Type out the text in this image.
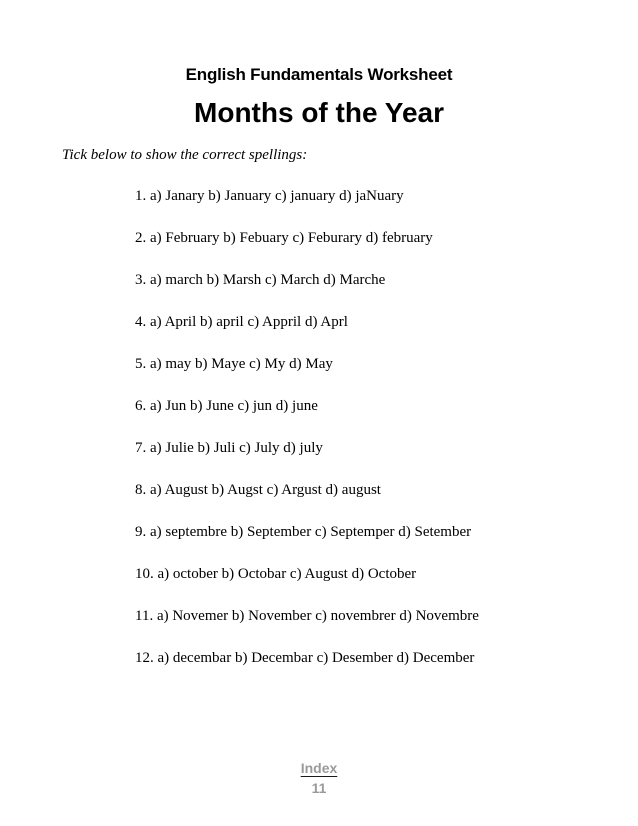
English Fundamentals Worksheet
Months of the Year
Tick below to show the correct spellings:
1. a) Janary b) January c) january d) jaNuary
2. a) February b) Febuary c) Feburary d) february
3. a) march b) Marsh c) March d) Marche
4. a) April b) april c) Appril d) Aprl
5. a) may b) Maye c) My d) May
6. a) Jun b) June c) jun d) june
7. a) Julie b) Juli c) July d) july
8. a) August b) Augst c) Argust d) august
9. a) septembre b) September c) Septemper d) Setember
10. a) october b) Octobar c) August d) October
11. a) Novemer b) November c) novembrer d) Novembre
12. a) decembar b) Decembar c) Desember d) December
Index
11
